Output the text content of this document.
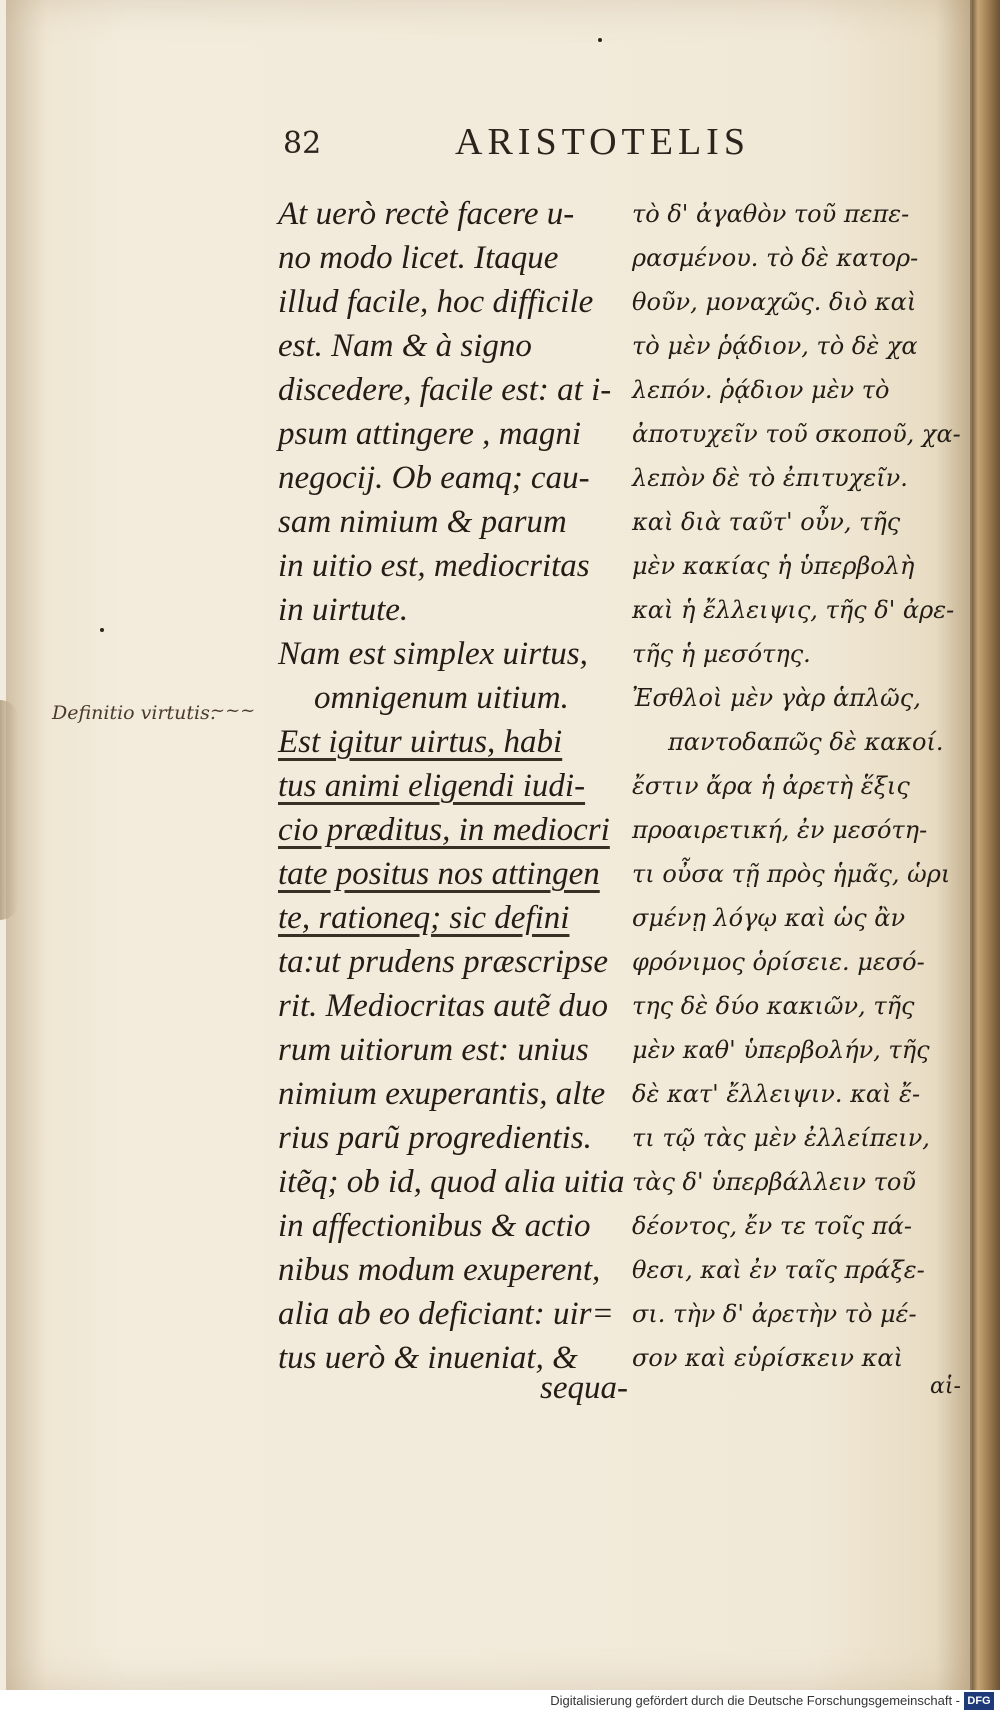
82	ARISTOTELIS
Definitio virtutis.
~~~
At uerò rectè facere u-
no modo licet. Itaque
illud facile, hoc difficile
est. Nam & à signo
discedere, facile est: at i-
psum attingere , magni
negocij. Ob eamq; cau-
sam nimium & parum
in uitio est, mediocritas
in uirtute.
Nam est simplex uirtus,
omnigenum uitium.
Est igitur uirtus, habi
tus animi eligendi iudi-
cio præditus, in mediocri
tate positus nos attingen
te, rationeq; sic defini
ta:ut prudens præscripse
rit. Mediocritas autẽ duo
rum uitiorum est: unius
nimium exuperantis, alte
rius parũ progredientis.
itẽq; ob id, quod alia uitia
in affectionibus & actio
nibus modum exuperent,
alia ab eo deficiant: uir=
tus uerò & inueniat, &
sequa-
τὸ δ' ἀγαθὸν τοῦ πεπε-
ρασμένου. τὸ δὲ κατορ-
θοῦν, μοναχῶς. διὸ καὶ
τὸ μὲν ῥᾴδιον, τὸ δὲ χα
λεπόν. ῥᾴδιον μὲν τὸ
ἀποτυχεῖν τοῦ σκοποῦ, χα-
λεπὸν δὲ τὸ ἐπιτυχεῖν.
καὶ διὰ ταῦτ' οὖν, τῆς
μὲν κακίας ἡ ὑπερβολὴ
καὶ ἡ ἔλλειψις, τῆς δ' ἀρε-
τῆς ἡ μεσότης.
Ἐσθλοὶ μὲν γὰρ ἁπλῶς,
παντοδαπῶς δὲ κακοί.
ἔστιν ἄρα ἡ ἀρετὴ ἕξις
προαιρετική, ἐν μεσότη-
τι οὖσα τῇ πρὸς ἡμᾶς, ὡρι
σμένῃ λόγῳ καὶ ὡς ἂν
φρόνιμος ὁρίσειε. μεσό-
της δὲ δύο κακιῶν, τῆς
μὲν καθ' ὑπερβολήν, τῆς
δὲ κατ' ἔλλειψιν. καὶ ἔ-
τι τῷ τὰς μὲν ἐλλείπειν,
τὰς δ' ὑπερβάλλειν τοῦ
δέοντος, ἔν τε τοῖς πά-
θεσι, καὶ ἐν ταῖς πράξε-
σι. τὴν δ' ἀρετὴν τὸ μέ-
σον καὶ εὑρίσκειν καὶ
αἱ-
Digitalisierung gefördert durch die Deutsche Forschungsgemeinschaft - DFG
